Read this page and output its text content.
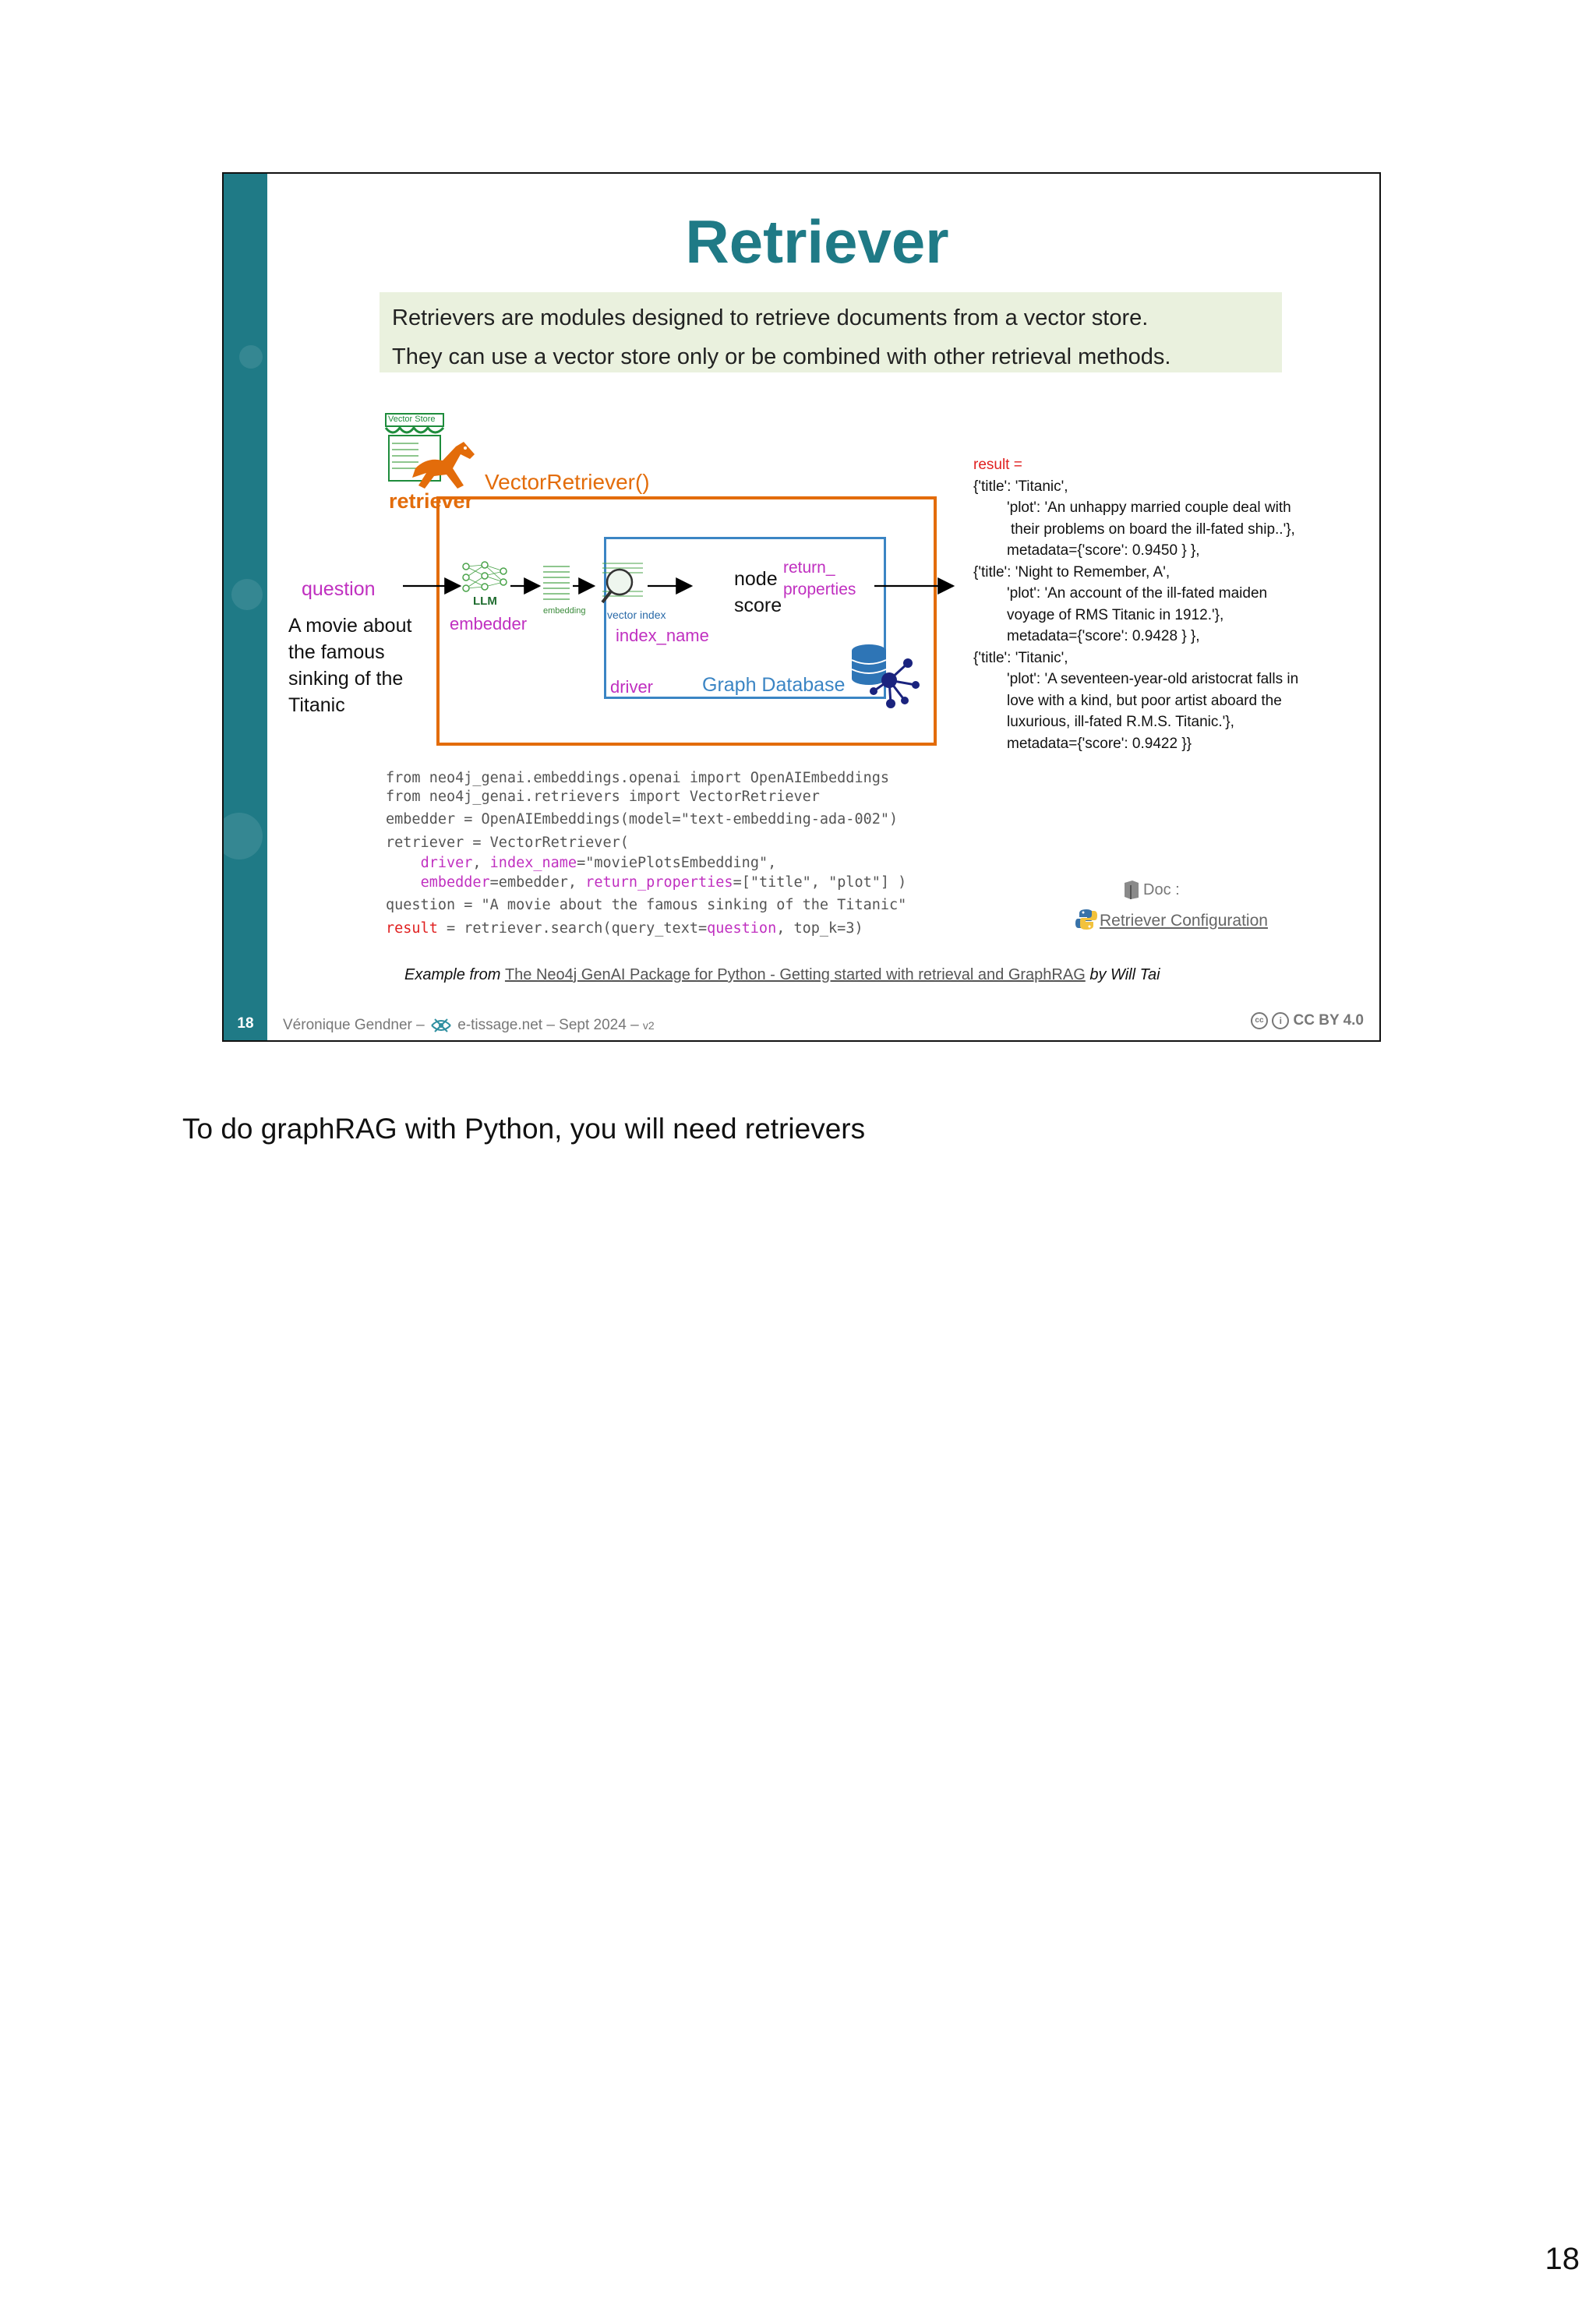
18
Retriever
Retrievers are modules designed to retrieve documents from a vector store.
They can use a vector store only or be combined with other retrieval methods.
Vector Store
retriever
VectorRetriever()
question
A movie about
the famous
sinking of the
Titanic
LLM
embedder
embedding vector index
index_name
node
score
return_
properties
driver	Graph Database
result =
{'title': 'Titanic',
'plot': 'An unhappy married couple deal with
their problems on board the ill-fated ship..'},
metadata={'score': 0.9450 } },
{'title': 'Night to Remember, A',
'plot': 'An account of the ill-fated maiden
voyage of RMS Titanic in 1912.'},
metadata={'score': 0.9428 } },
{'title': 'Titanic',
'plot': 'A seventeen-year-old aristocrat falls in
love with a kind, but poor artist aboard the
luxurious, ill-fated R.M.S. Titanic.'},
metadata={'score': 0.9422 }}
from neo4j_genai.embeddings.openai import OpenAIEmbeddings
from neo4j_genai.retrievers import VectorRetriever
embedder = OpenAIEmbeddings(model="text-embedding-ada-002")
retriever = VectorRetriever(
driver, index_name="moviePlotsEmbedding",
embedder=embedder, return_properties=["title", "plot"] )
question = "A movie about the famous sinking of the Titanic"
result = retriever.search(query_text=question, top_k=3)
Doc :
Retriever Configuration
Example from The Neo4j GenAI Package for Python - Getting started with retrieval and GraphRAG by Will Tai
Véronique Gendner – e-tissage.net – Sept 2024 – v2	cc i CC BY 4.0
To do graphRAG with Python, you will need retrievers
18
